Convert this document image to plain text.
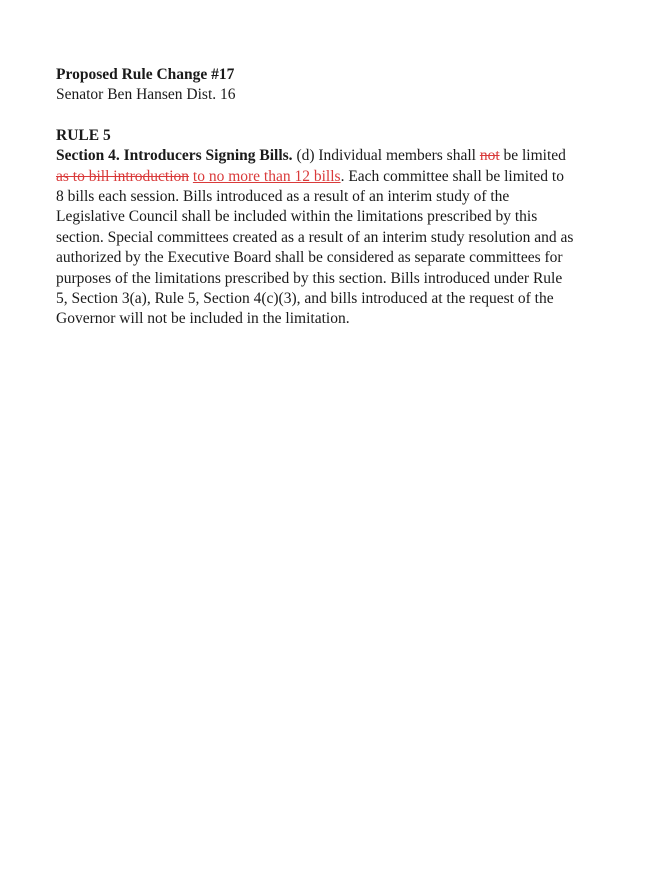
Proposed Rule Change #17

Senator Ben Hansen Dist. 16

RULE 5

Section 4. Introducers Signing Bills. (d) Individual members shall not be limited

as to bill introduction to no more than 12 bills. Each committee shall be limited to

8 bills each session. Bills introduced as a result of an interim study of the

Legislative Council shall be included within the limitations prescribed by this

section. Special committees created as a result of an interim study resolution and as

authorized by the Executive Board shall be considered as separate committees for

purposes of the limitations prescribed by this section. Bills introduced under Rule

5, Section 3(a), Rule 5, Section 4(c)(3), and bills introduced at the request of the

Governor will not be included in the limitation.
